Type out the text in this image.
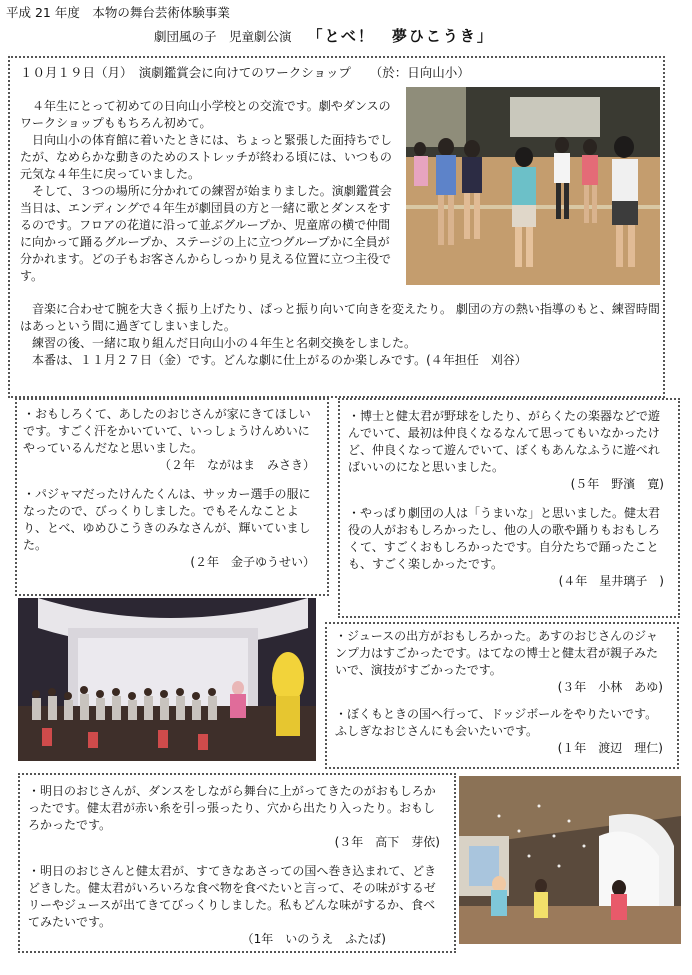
平成 21 年度　本物の舞台芸術体験事業
劇団風の子　児童劇公演 「とべ！　夢ひこうき」
１０月１９日（月）　演劇鑑賞会に向けてのワークショップ　　（於：日向山小）

４年生にとって初めての日向山小学校との交流です。劇やダンスのワークショップももちろん初めて。

日向山小の体育館に着いたときには、ちょっと緊張した面持ちでしたが、なめらかな動きのためのストレッチが終わる頃には、いつもの元気な４年生に戻っていました。

そして、３つの場所に分かれての練習が始まりました。演劇鑑賞会当日は、エンディングで４年生が劇団員の方と一緒に歌とダンスをするのです。フロアの花道に沿って並ぶグループか、児童席の横で仲間に向かって踊るグループか、ステージの上に立つグループかに全員が分かれます。どの子もお客さんからしっかり見える位置に立つ主役です。

音楽に合わせて腕を大きく振り上げたり、ぱっと振り向いて向きを変えたり。 劇団の方の熱い指導のもと、練習時間はあっという間に過ぎてしまいました。

練習の後、一緒に取り組んだ日向山小の４年生と名刺交換をしました。

本番は、１１月２７日（金）です。どんな劇に仕上がるのか楽しみです。(４年担任　刈谷）

・おもしろくて、あしたのおじさんが家にきてほしいです。すごく汗をかいていて、いっしょうけんめいにやっているんだなと思いました。

（２年　ながはま　みさき）

・パジャマだったけんたくんは、サッカー選手の服になったので、びっくりしました。でもそんなことより、とべ、ゆめひこうきのみなさんが、輝いていました。

(２年　金子ゆうせい）

・博士と健太君が野球をしたり、がらくたの楽器などで遊んでいて、最初は仲良くなるなんて思ってもいなかったけど、仲良くなって遊んでいて、ぼくもあんなふうに遊べればいいのになと思いました。

(５年　野濱　寛)

・やっぱり劇団の人は「うまいな」と思いました。健太君役の人がおもしろかったし、他の人の歌や踊りもおもしろくて、すごくおもしろかったです。自分たちで踊ったことも、すごく楽しかったです。

(４年　星井璃子　)

・ジュースの出方がおもしろかった。あすのおじさんのジャンプ力はすごかったです。はてなの博士と健太君が親子みたいで、演技がすごかったです。

(３年　小林　あゆ)

・ぼくもときの国へ行って、ドッジボールをやりたいです。ふしぎなおじさんにも会いたいです。

(１年　渡辺　理仁)

・明日のおじさんが、ダンスをしながら舞台に上がってきたのがおもしろかったです。健太君が赤い糸を引っ張ったり、穴から出たり入ったり。おもしろかったです。

(３年　高下　芽依)

・明日のおじさんと健太君が、すてきなあさっての国へ巻き込まれて、どきどきした。健太君がいろいろな食べ物を食べたいと言って、その味がするゼリーやジュースが出てきてびっくりしました。私もどんな味がするか、食べてみたいです。

（1年　いのうえ　ふたば)
